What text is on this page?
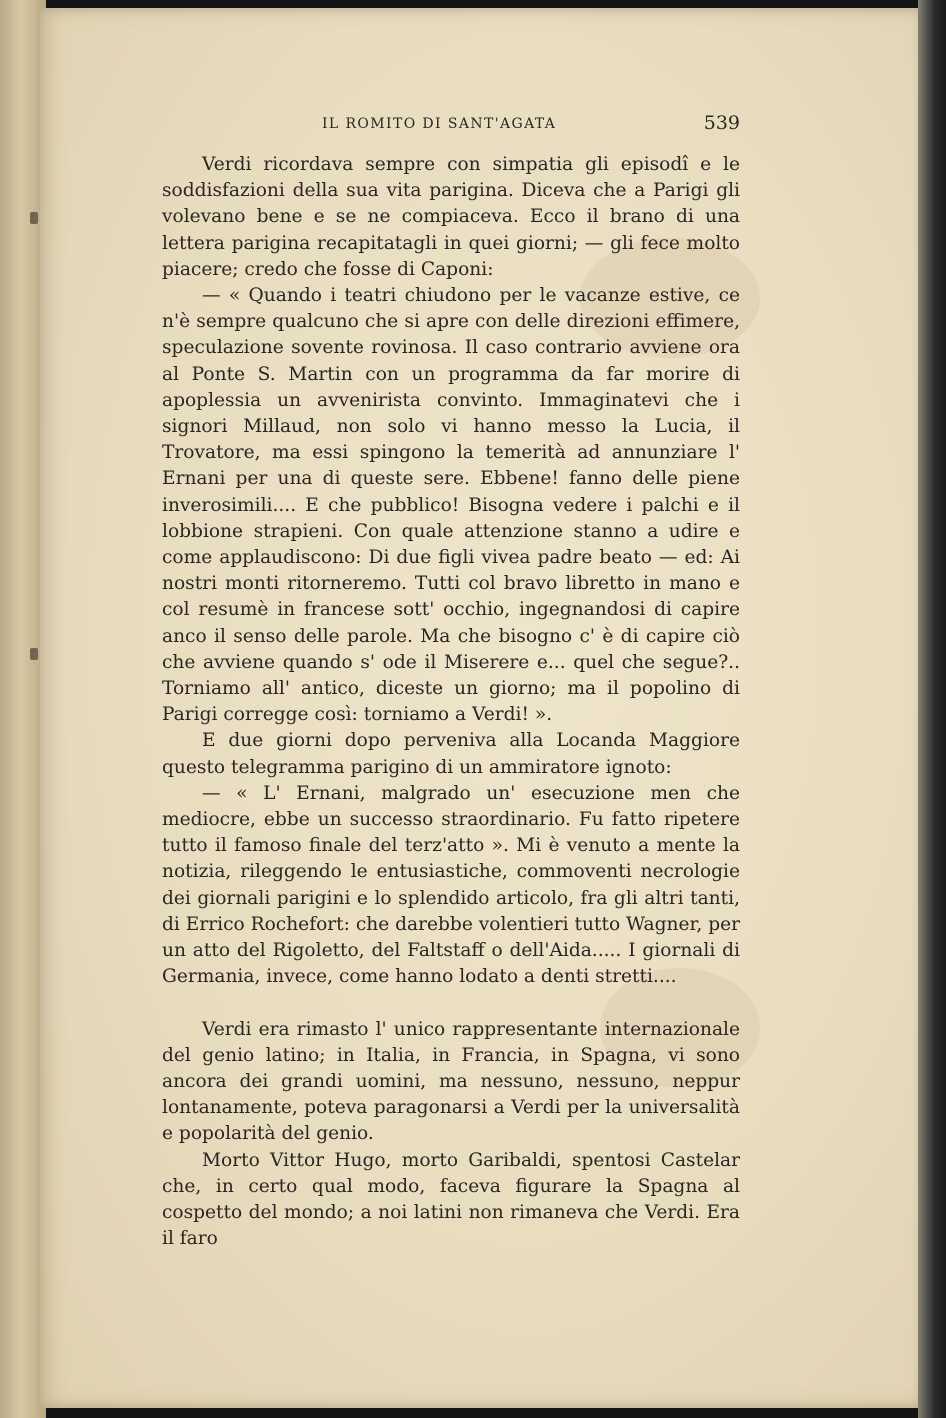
IL ROMITO DI SANT'AGATA	539

Verdi ricordava sempre con simpatia gli episodî e le soddisfazioni della sua vita parigina. Diceva che a Parigi gli volevano bene e se ne compiaceva. Ecco il brano di una lettera parigina recapitatagli in quei giorni; — gli fece molto piacere; credo che fosse di Caponi:

— « Quando i teatri chiudono per le vacanze estive, ce n'è sempre qualcuno che si apre con delle direzioni effimere, speculazione sovente rovinosa. Il caso contrario avviene ora al Ponte S. Martin con un programma da far morire di apoplessia un avvenirista convinto. Immaginatevi che i signori Millaud, non solo vi hanno messo la Lucia, il Trovatore, ma essi spingono la temerità ad annunziare l' Ernani per una di queste sere. Ebbene! fanno delle piene inverosimili.... E che pubblico! Bisogna vedere i palchi e il lobbione strapieni. Con quale attenzione stanno a udire e come applaudiscono: Di due figli vivea padre beato — ed: Ai nostri monti ritorneremo. Tutti col bravo libretto in mano e col resumè in francese sott' occhio, ingegnandosi di capire anco il senso delle parole. Ma che bisogno c' è di capire ciò che avviene quando s' ode il Miserere e... quel che segue?.. Torniamo all' antico, diceste un giorno; ma il popolino di Parigi corregge così: torniamo a Verdi! ».

E due giorni dopo perveniva alla Locanda Maggiore questo telegramma parigino di un ammiratore ignoto:

— « L' Ernani, malgrado un' esecuzione men che mediocre, ebbe un successo straordinario. Fu fatto ripetere tutto il famoso finale del terz'atto ». Mi è venuto a mente la notizia, rileggendo le entusiastiche, commoventi necrologie dei giornali parigini e lo splendido articolo, fra gli altri tanti, di Errico Rochefort: che darebbe volentieri tutto Wagner, per un atto del Rigoletto, del Faltstaff o dell'Aida..... I giornali di Germania, invece, come hanno lodato a denti stretti....

Verdi era rimasto l' unico rappresentante internazionale del genio latino; in Italia, in Francia, in Spagna, vi sono ancora dei grandi uomini, ma nessuno, nessuno, neppur lontanamente, poteva paragonarsi a Verdi per la universalità e popolarità del genio.

Morto Vittor Hugo, morto Garibaldi, spentosi Castelar che, in certo qual modo, faceva figurare la Spagna al cospetto del mondo; a noi latini non rimaneva che Verdi. Era il faro
